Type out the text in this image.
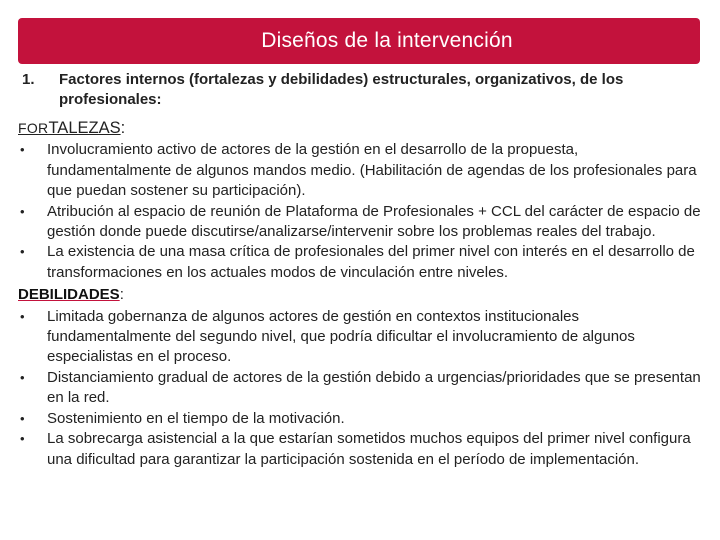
Diseños de la intervención
1. Factores internos (fortalezas y debilidades) estructurales, organizativos, de los profesionales:
FORTALEZAS:
• Involucramiento activo de actores de la gestión en el desarrollo de la propuesta, fundamentalmente de algunos mandos medio. (Habilitación de agendas de los profesionales para que puedan sostener su participación).
• Atribución al espacio de reunión de Plataforma de Profesionales + CCL del carácter de espacio de gestión donde puede discutirse/analizarse/intervenir sobre los problemas reales del trabajo.
• La existencia de una masa crítica de profesionales del primer nivel con interés en el desarrollo de transformaciones en los actuales modos de vinculación entre niveles.
DEBILIDADES:
• Limitada gobernanza de algunos actores de gestión en contextos institucionales fundamentalmente del segundo nivel, que podría dificultar el involucramiento de algunos especialistas en el proceso.
• Distanciamiento gradual de actores de la gestión debido a urgencias/prioridades que se presentan en la red.
• Sostenimiento en el tiempo de la motivación.
• La sobrecarga asistencial a la que estarían sometidos muchos equipos del primer nivel configura una dificultad para garantizar la participación sostenida en el período de implementación.
